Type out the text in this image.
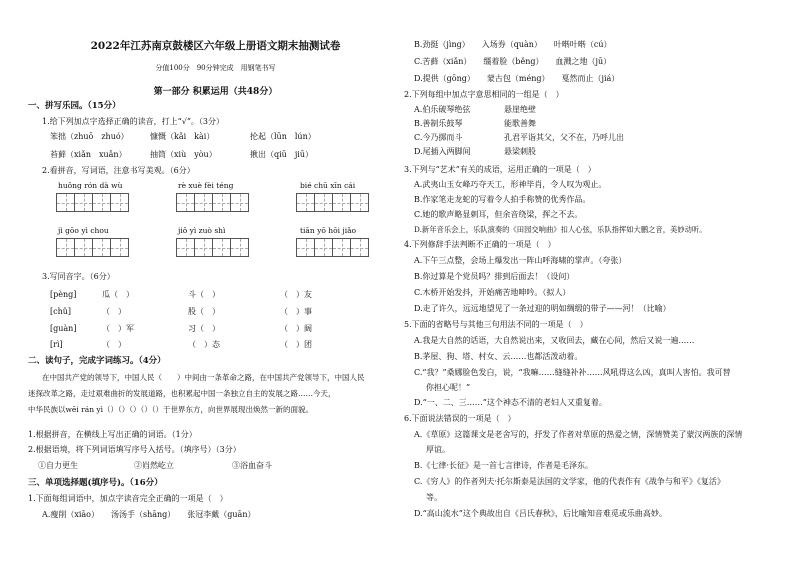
2022年江苏南京鼓楼区六年级上册语文期末抽测试卷
分值100分　90分钟完成　用钢笔书写
第一部分 积累运用（共48分）
一、拼写乐园。（15分）
1.给下列加点字选择正确的读音，打上“√”。（3分）
笨拙（zhuō　zhuó）	慷慨（kǎi　kài）	抡起（lūn　lún）
苔藓（xiǎn　xuǎn）	抽筒（xiù　yòu）	揪出（qiū　jiū）
2.看拼音，写词语，注意书写美观。（6分）
huǒng rón dà wù	rè xuè fèi téng	bié chū xīn cái
jì gōo yì chou	jiǒ yì zuò shì	tiān yō hōi jiǎo
3.写同音字。（6分）
[pèng]	瓜（　）	斗（　）	（　）友
[chǔ]	（　）	股（　）	（　）事
[guàn]	（　）军	习（　）	（　）阔
[rì]	（　）	（　）态	（　）团
二、读句子，完成字词练习。（4分）
在中国共产党的领导下，中国人民（　　）中间由一条革命之路，在中国共产党领导下，中国人民
迷探改革之路，走过艰难曲折的发展道路，也积累起中国一条独立自主的发展之路……今天，
中华民族以wēi rán yì（）（）（）（）（）于世界东方，向世界展现出焕然一新的面貌。
1.根据拼音，在横线上写出正确的词语。（1分）
2.根据语境，将下列词语填写序号入括号。（填序号）（3分）
①自力更生	②岿然屹立	③浴血奋斗
三、单项选择题(填序号)。（16分）
1.下面每组词语中，加点字读音完全正确的一项是（　）
A.瘦削（xiāo）　　汤汤手（shāng）　　张冠李戴（guān）
B.劲挺（jìng）　　入场券（quàn）　　叶啭叶啭（cú）
C.苦藓（xiǎn）　　缰着脸（běng）　　血溅之地（jū）
D.提供（gōng）　　蒙古包（méng）　　戛然而止（jiá）
2.下列每组中加点字意思相同的一组是（　）
A.伯乐破琴绝弦	悬崖绝壁
B.善制乐鼓琴	能歌善舞
C.今乃掷而斗	孔君平诣其父，父不在，乃呼儿出
D.尾插入两脚间	悬梁刺股
3.下列与“艺术”有关的成语，运用正确的一项是（　）
A.武夷山玉女峰巧夺天工，形神毕肖，令人叹为观止。
B.作家笔走龙蛇的写着令人拍手称赞的优秀作品。
C.她的歌声略显刺耳，但余音绕梁，挥之不去。
D.新年音乐会上，乐队演奏的《田园交响曲》扣人心弦，乐队指挥如大鹏之音，美妙动听。
4.下列修辞手法判断不正确的一项是（　）
A.下午三点整，会场上爆发出一阵山呼海啸的掌声。（夸张）
B.你过算是个党员吗？排到后面去！（设问）
C.木桥开始发抖，开始痛苦地呻吟。（拟人）
D.走了许久，远远地望见了一条过迎的明如绸缎的带子——河！（比喻）
5.下面的省略号与其他三句用法不同的一项是（　）
A.我是大自然的话语，大自然说出来，又收回去，藏在心间，然后又说一遍……
B.茅屋、狗、塔、村女、云……也都活泼动着。
C.“我？”桑娜脸色发白，说，“我嘛……缝缝补补……风吼得这么凶，真叫人害怕。我可替
你担心呢！”
D.“一、二、三……”这个神态不清的老妇人又重复着。
6.下面说法错误的一项是（　）
A.《草原》这篇课文是老舍写的，抒发了作者对草原的热爱之情，深情赞美了蒙汉两族的深情
厚谊。
B.《七律·长征》是一首七言律诗，作者是毛泽东。
C.《穷人》的作者列夫·托尔斯泰是法国的文学家，他的代表作有《战争与和平》《复活》
等。
D.“高山流水”这个典故出自《吕氏春秋》，后比喻知音难觅或乐曲高妙。
